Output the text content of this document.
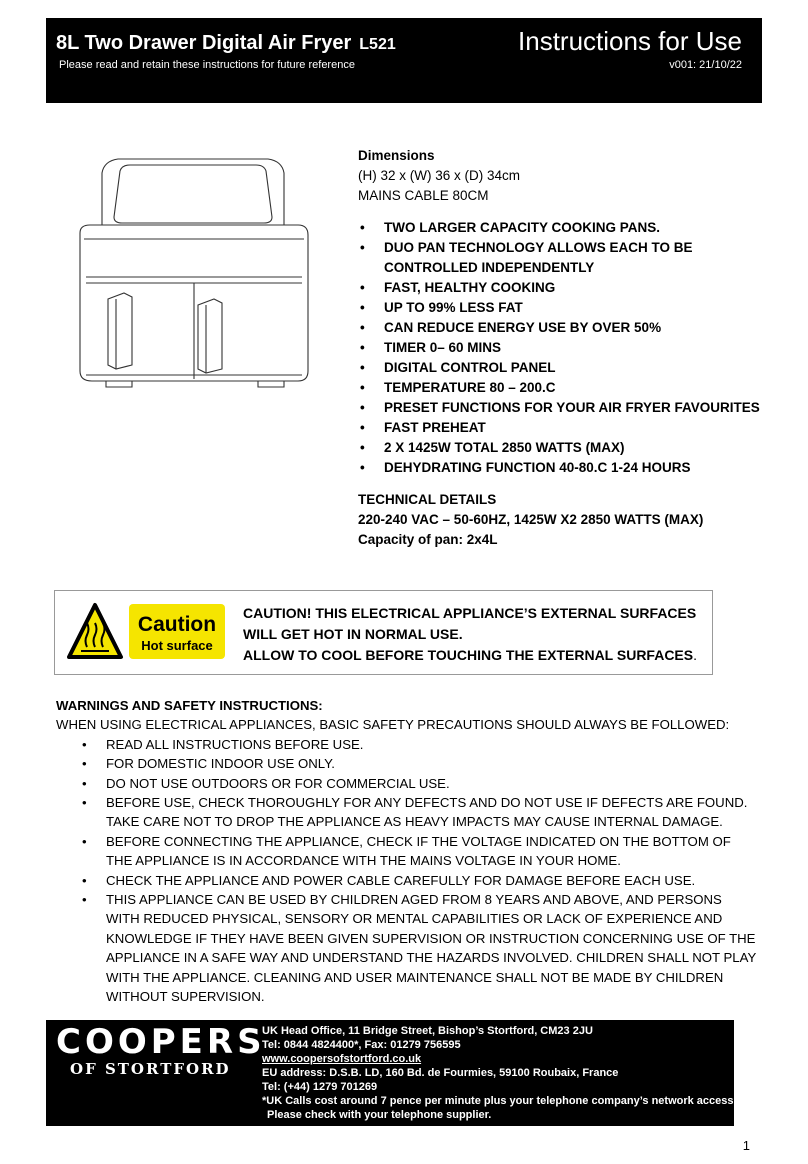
8L Two Drawer Digital Air Fryer L521
Please read and retain these instructions for future reference
Instructions for Use
v001: 21/10/22

Dimensions

(H) 32 x (W) 36 x (D) 34cm

MAINS CABLE 80CM

• TWO LARGER CAPACITY COOKING PANS.
• DUO PAN TECHNOLOGY ALLOWS EACH TO BE CONTROLLED INDEPENDENTLY
• FAST, HEALTHY COOKING
• UP TO 99% LESS FAT
• CAN REDUCE ENERGY USE BY OVER 50%
• TIMER 0– 60 MINS
• DIGITAL CONTROL PANEL
• TEMPERATURE 80 – 200.C
• PRESET FUNCTIONS FOR YOUR AIR FRYER FAVOURITES
• FAST PREHEAT
• 2 X 1425W TOTAL 2850 WATTS (MAX)
• DEHYDRATING FUNCTION 40-80.C 1-24 HOURS

TECHNICAL DETAILS

220-240 VAC – 50-60HZ, 1425W X2 2850 WATTS (MAX)

Capacity of pan: 2x4L

Caution
Hot surface

CAUTION! THIS ELECTRICAL APPLIANCE’S EXTERNAL SURFACES

WILL GET HOT IN NORMAL USE.

ALLOW TO COOL BEFORE TOUCHING THE EXTERNAL SURFACES.

WARNINGS AND SAFETY INSTRUCTIONS:

WHEN USING ELECTRICAL APPLIANCES, BASIC SAFETY PRECAUTIONS SHOULD ALWAYS BE FOLLOWED:

• READ ALL INSTRUCTIONS BEFORE USE.
• FOR DOMESTIC INDOOR USE ONLY.
• DO NOT USE OUTDOORS OR FOR COMMERCIAL USE.
• BEFORE USE, CHECK THOROUGHLY FOR ANY DEFECTS AND DO NOT USE IF DEFECTS ARE FOUND. TAKE CARE NOT TO DROP THE APPLIANCE AS HEAVY IMPACTS MAY CAUSE INTERNAL DAMAGE.
• BEFORE CONNECTING THE APPLIANCE, CHECK IF THE VOLTAGE INDICATED ON THE BOTTOM OF THE APPLIANCE IS IN ACCORDANCE WITH THE MAINS VOLTAGE IN YOUR HOME.
• CHECK THE APPLIANCE AND POWER CABLE CAREFULLY FOR DAMAGE BEFORE EACH USE.
• THIS APPLIANCE CAN BE USED BY CHILDREN AGED FROM 8 YEARS AND ABOVE, AND PERSONS WITH REDUCED PHYSICAL, SENSORY OR MENTAL CAPABILITIES OR LACK OF EXPERIENCE AND KNOWLEDGE IF THEY HAVE BEEN GIVEN SUPERVISION OR INSTRUCTION CONCERNING USE OF THE APPLIANCE IN A SAFE WAY AND UNDERSTAND THE HAZARDS INVOLVED. CHILDREN SHALL NOT PLAY WITH THE APPLIANCE. CLEANING AND USER MAINTENANCE SHALL NOT BE MADE BY CHILDREN WITHOUT SUPERVISION.
COOPERS
OF STORTFORD

UK Head Office, 11 Bridge Street, Bishop’s Stortford, CM23 2JU

Tel: 0844 4824400*, Fax: 01279 756595

www.coopersofstortford.co.uk

EU address: D.S.B. LD, 160 Bd. de Fourmies, 59100 Roubaix, France

Tel: (+44) 1279 701269

*UK Calls cost around 7 pence per minute plus your telephone company’s network access.

Please check with your telephone supplier.

1
